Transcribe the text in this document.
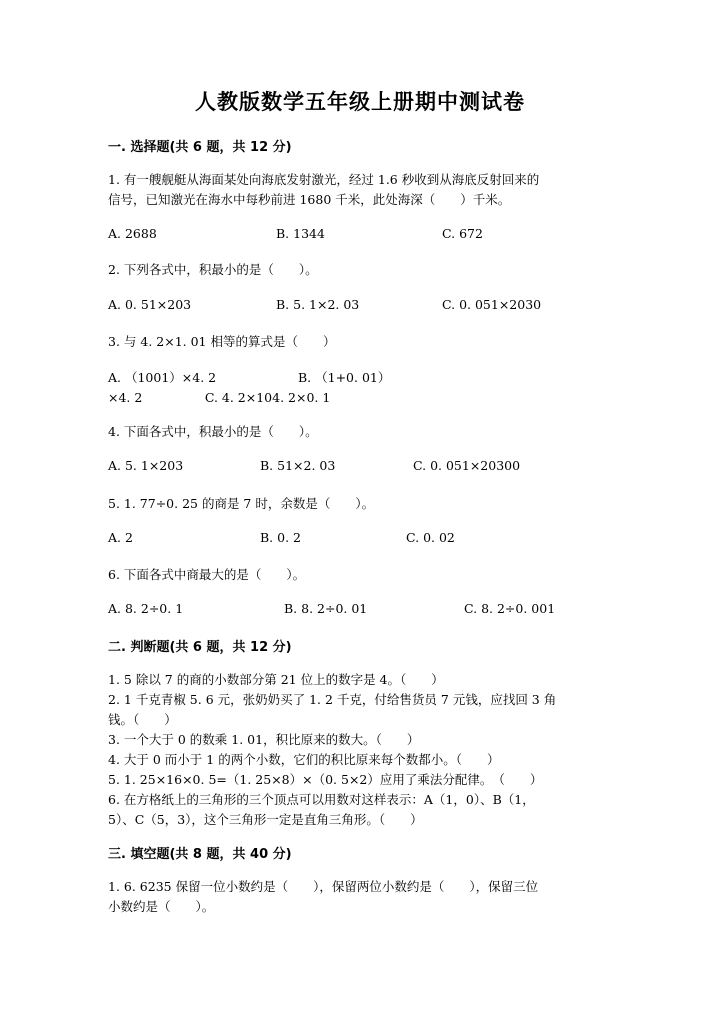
人教版数学五年级上册期中测试卷
一. 选择题(共 6 题，共 12 分)
1. 有一艘舰艇从海面某处向海底发射激光，经过 1.6 秒收到从海底反射回来的
信号，已知激光在海水中每秒前进 1680 千米，此处海深（　　）千米。
A. 2688	B. 1344	C. 672
2. 下列各式中，积最小的是（　　）。
A. 0. 51×203	B. 5. 1×2. 03	C. 0. 051×2030
3. 与 4. 2×1. 01 相等的算式是（　　）
A. （1001）×4. 2	B. （1+0. 01）
×4. 2　　　　　C. 4. 2×104. 2×0. 1
4. 下面各式中，积最小的是（　　）。
A. 5. 1×203	B. 51×2. 03	C. 0. 051×20300
5. 1. 77÷0. 25 的商是 7 时，余数是（　　）。
A. 2	B. 0. 2	C. 0. 02
6. 下面各式中商最大的是（　　）。
A. 8. 2÷0. 1	B. 8. 2÷0. 01	C. 8. 2÷0. 001
二. 判断题(共 6 题，共 12 分)
1. 5 除以 7 的商的小数部分第 21 位上的数字是 4。（　　）
2. 1 千克青椒 5. 6 元，张奶奶买了 1. 2 千克，付给售货员 7 元钱，应找回 3 角
钱。（　　）
3. 一个大于 0 的数乘 1. 01，积比原来的数大。（　　）
4. 大于 0 而小于 1 的两个小数，它们的积比原来每个数都小。（　　）
5. 1. 25×16×0. 5=（1. 25×8）×（0. 5×2）应用了乘法分配律。　（　　）
6. 在方格纸上的三角形的三个顶点可以用数对这样表示：A（1，0）、B（1，
5）、C（5，3），这个三角形一定是直角三角形。（　　）
三. 填空题(共 8 题，共 40 分)
1. 6. 6235 保留一位小数约是（　　），保留两位小数约是（　　），保留三位
小数约是（　　）。
